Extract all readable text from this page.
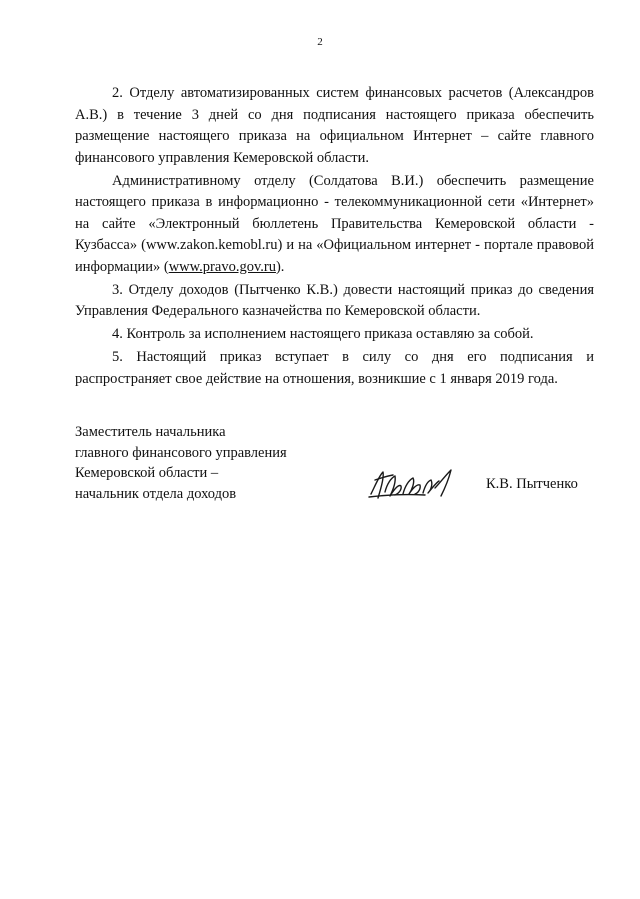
2

2. Отделу автоматизированных систем финансовых расчетов (Александров А.В.) в течение 3 дней со дня подписания настоящего приказа обеспечить размещение настоящего приказа на официальном Интернет – сайте главного финансового управления Кемеровской области.

Административному отделу (Солдатова В.И.) обеспечить размещение настоящего приказа в информационно - телекоммуникационной сети «Интернет» на сайте «Электронный бюллетень Правительства Кемеровской области - Кузбасса» (www.zakon.kemobl.ru) и на «Официальном интернет - портале правовой информации» (www.pravo.gov.ru).

3. Отделу доходов (Пытченко К.В.) довести настоящий приказ до сведения Управления Федерального казначейства по Кемеровской области.

4. Контроль за исполнением настоящего приказа оставляю за собой.

5. Настоящий приказ вступает в силу со дня его подписания и распространяет свое действие на отношения, возникшие с 1 января 2019 года.

Заместитель начальника
главного финансового управления
Кемеровской области –
начальник отдела доходов
К.В. Пытченко
